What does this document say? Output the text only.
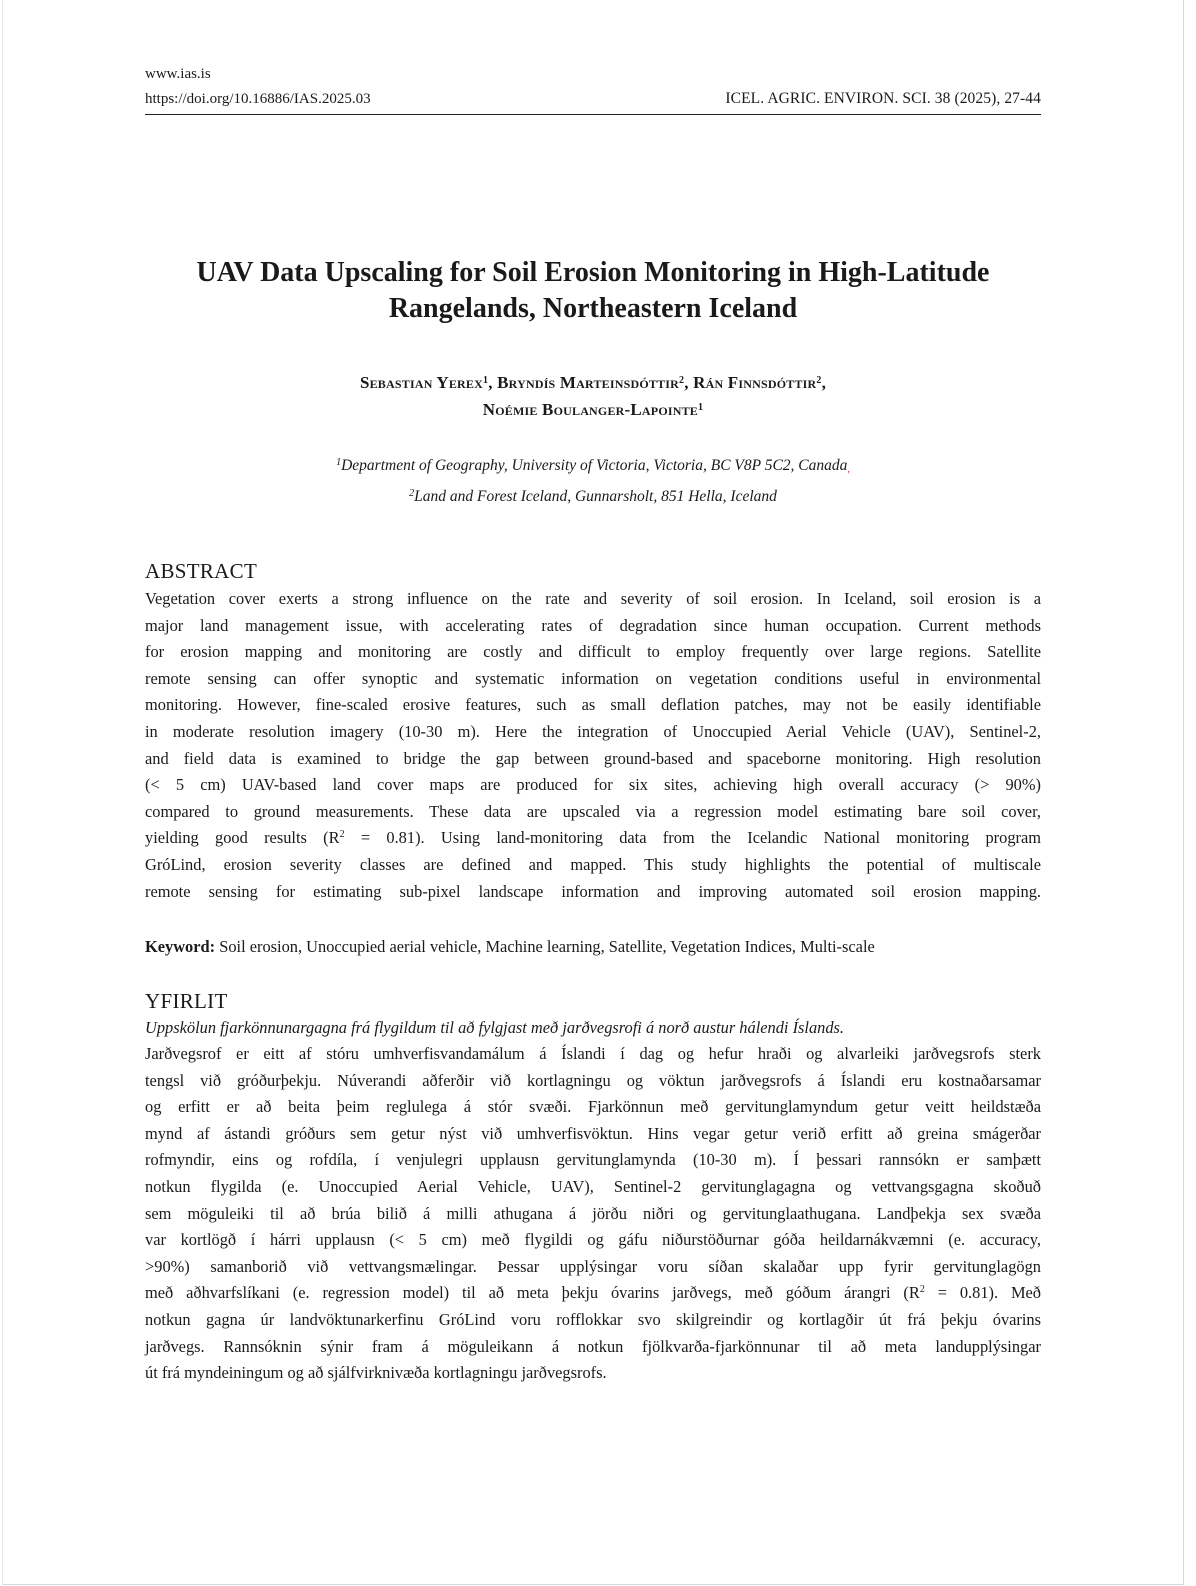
www.ias.is
https://doi.org/10.16886/IAS.2025.03	ICEL. AGRIC. ENVIRON. SCI. 38 (2025), 27-44
UAV Data Upscaling for Soil Erosion Monitoring in High-Latitude
Rangelands, Northeastern Iceland
Sebastian Yerex$^1$, Bryndís Marteinsdóttir$^2$, Rán Finnsdóttir$^2$,
Noémie Boulanger-Lapointe$^1$
$^1$Department of Geography, University of Victoria, Victoria, BC V8P 5C2, Canada,
$^2$Land and Forest Iceland, Gunnarsholt, 851 Hella, Iceland
ABSTRACT
Vegetation cover exerts a strong influence on the rate and severity of soil erosion. In Iceland, soil erosion is a
major land management issue, with accelerating rates of degradation since human occupation. Current methods
for erosion mapping and monitoring are costly and difficult to employ frequently over large regions. Satellite
remote sensing can offer synoptic and systematic information on vegetation conditions useful in environmental
monitoring. However, fine-scaled erosive features, such as small deflation patches, may not be easily identifiable
in moderate resolution imagery (10-30 m). Here the integration of Unoccupied Aerial Vehicle (UAV), Sentinel-2,
and field data is examined to bridge the gap between ground-based and spaceborne monitoring. High resolution
(< 5 cm) UAV-based land cover maps are produced for six sites, achieving high overall accuracy (> 90%)
compared to ground measurements. These data are upscaled via a regression model estimating bare soil cover,
yielding good results $(R^2 = 0.81)$. Using land-monitoring data from the Icelandic National monitoring program
GróLind, erosion severity classes are defined and mapped. This study highlights the potential of multiscale
remote sensing for estimating sub-pixel landscape information and improving automated soil erosion mapping.
Keyword: Soil erosion, Unoccupied aerial vehicle, Machine learning, Satellite, Vegetation Indices, Multi-scale
YFIRLIT
Uppskölun fjarkönnunargagna frá flygildum til að fylgjast með jarðvegsrofi á norð austur hálendi Íslands.
Jarðvegsrof er eitt af stóru umhverfisvandamálum á Íslandi í dag og hefur hraði og alvarleiki jarðvegsrofs sterk
tengsl við gróðurþekju. Núverandi aðferðir við kortlagningu og vöktun jarðvegsrofs á Íslandi eru kostnaðarsamar
og erfitt er að beita þeim reglulega á stór svæði. Fjarkönnun með gervitunglamyndum getur veitt heildstæða
mynd af ástandi gróðurs sem getur nýst við umhverfisvöktun. Hins vegar getur verið erfitt að greina smágerðar
rofmyndir, eins og rofdíla, í venjulegri upplausn gervitunglamynda (10-30 m). Í þessari rannsókn er samþætt
notkun flygilda (e. Unoccupied Aerial Vehicle, UAV), Sentinel-2 gervitunglagagna og vettvangsgagna skoðuð
sem möguleiki til að brúa bilið á milli athugana á jörðu niðri og gervitunglaathugana. Landþekja sex svæða
var kortlögð í hárri upplausn (< 5 cm) með flygildi og gáfu niðurstöðurnar góða heildarnákvæmni (e. accuracy,
>90%) samanborið við vettvangsmælingar. Þessar upplýsingar voru síðan skalaðar upp fyrir gervitunglagögn
með aðhvarfslíkani (e. regression model) til að meta þekju óvarins jarðvegs, með góðum árangri $(R^2 = 0.81)$. Með
notkun gagna úr landvöktunarkerfinu GróLind voru rofflokkar svo skilgreindir og kortlagðir út frá þekju óvarins
jarðvegs. Rannsóknin sýnir fram á möguleikann á notkun fjölkvarða-fjarkönnunar til að meta landupplýsingar
út frá myndeiningum og að sjálfvirknivæða kortlagningu jarðvegsrofs.
